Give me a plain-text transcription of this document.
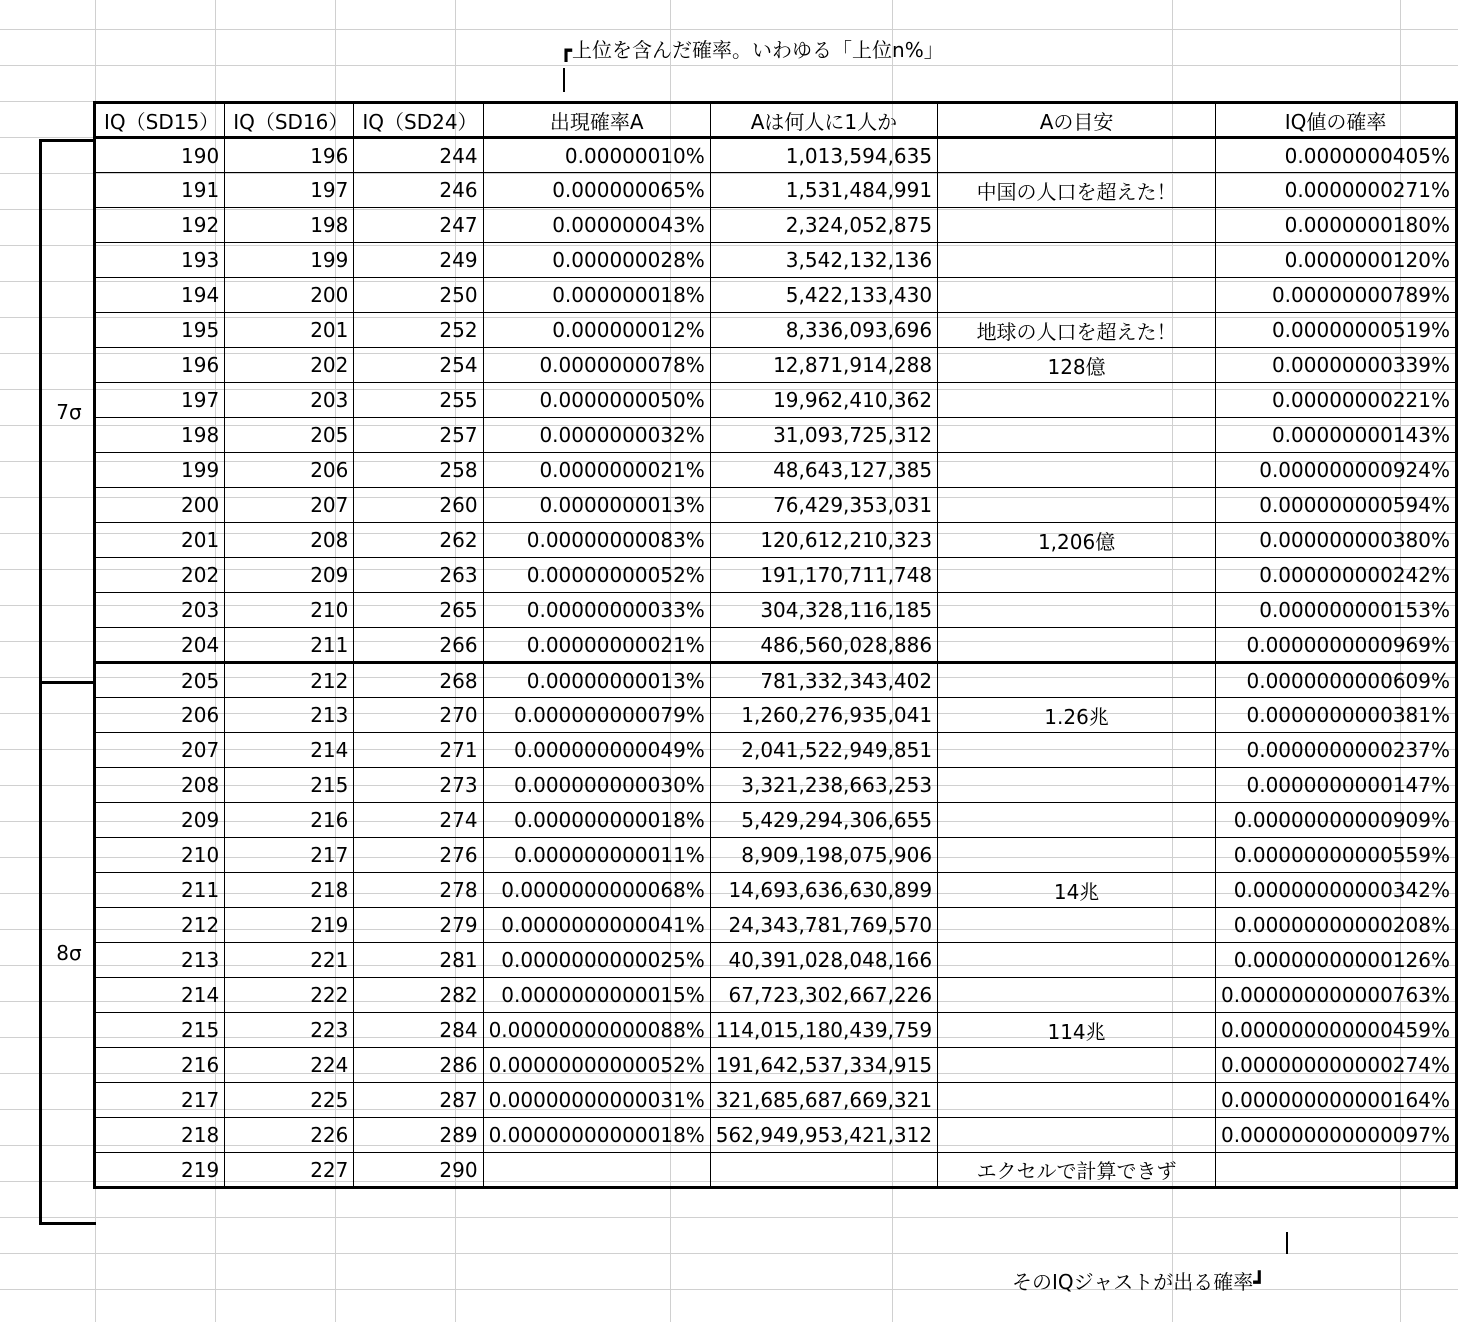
┏上位を含んだ確率。いわゆる「上位n%」
そのIQジャストが出る確率┛
7σ
8σ
IQ（SD15）	IQ（SD16）	IQ（SD24）	出現確率A	Aは何人に1人か	Aの目安	IQ値の確率
190	196	244	0.00000010%	1,013,594,635		0.0000000405%
191	197	246	0.000000065%	1,531,484,991	中国の人口を超えた！	0.0000000271%
192	198	247	0.000000043%	2,324,052,875		0.0000000180%
193	199	249	0.000000028%	3,542,132,136		0.0000000120%
194	200	250	0.000000018%	5,422,133,430		0.00000000789%
195	201	252	0.000000012%	8,336,093,696	地球の人口を超えた！	0.00000000519%
196	202	254	0.0000000078%	12,871,914,288	128億	0.00000000339%
197	203	255	0.0000000050%	19,962,410,362		0.00000000221%
198	205	257	0.0000000032%	31,093,725,312		0.00000000143%
199	206	258	0.0000000021%	48,643,127,385		0.000000000924%
200	207	260	0.0000000013%	76,429,353,031		0.000000000594%
201	208	262	0.00000000083%	120,612,210,323	1,206億	0.000000000380%
202	209	263	0.00000000052%	191,170,711,748		0.000000000242%
203	210	265	0.00000000033%	304,328,116,185		0.000000000153%
204	211	266	0.00000000021%	486,560,028,886		0.0000000000969%
205	212	268	0.00000000013%	781,332,343,402		0.0000000000609%
206	213	270	0.000000000079%	1,260,276,935,041	1.26兆	0.0000000000381%
207	214	271	0.000000000049%	2,041,522,949,851		0.0000000000237%
208	215	273	0.000000000030%	3,321,238,663,253		0.0000000000147%
209	216	274	0.000000000018%	5,429,294,306,655		0.00000000000909%
210	217	276	0.000000000011%	8,909,198,075,906		0.00000000000559%
211	218	278	0.0000000000068%	14,693,636,630,899	14兆	0.00000000000342%
212	219	279	0.0000000000041%	24,343,781,769,570		0.00000000000208%
213	221	281	0.0000000000025%	40,391,028,048,166		0.00000000000126%
214	222	282	0.0000000000015%	67,723,302,667,226		0.000000000000763%
215	223	284	0.00000000000088%	114,015,180,439,759	114兆	0.000000000000459%
216	224	286	0.00000000000052%	191,642,537,334,915		0.000000000000274%
217	225	287	0.00000000000031%	321,685,687,669,321		0.000000000000164%
218	226	289	0.00000000000018%	562,949,953,421,312		0.000000000000097%
219	227	290			エクセルで計算できず	
